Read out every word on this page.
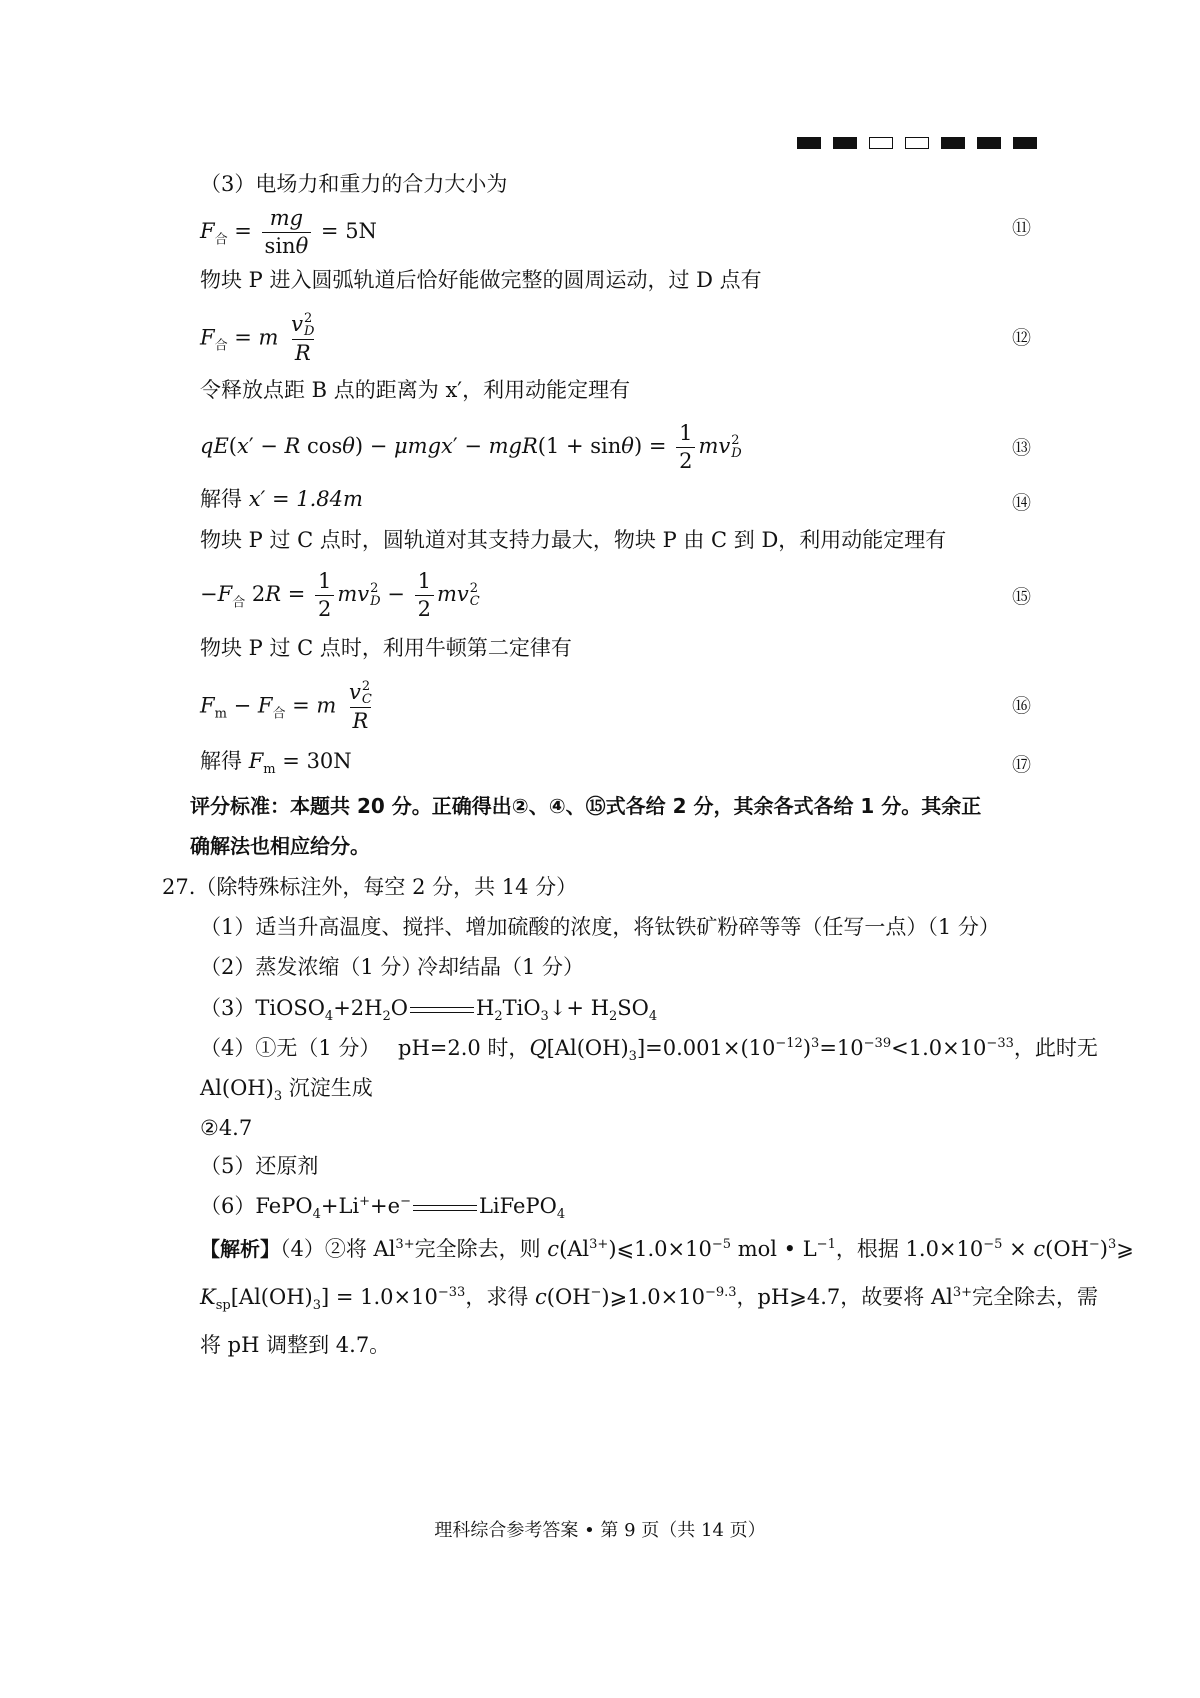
（3）电场力和重力的合力大小为
$F_合 = \frac{mg}{\sin\theta} = 5N$	⑪
物块 P 进入圆弧轨道后恰好能做完整的圆周运动，过 D 点有
$F_合 = m$ v 2
D
R	⑫
令释放点距 B 点的距离为 x′，利用动能定理有
qE(x′ − R $\cos\theta) - \mu mgx' - mgR(1 + \sin\theta) = \frac{1}{2}$ mv 2
D	⑬
解得 x′ = 1.84m	⑭
物块 P 过 C 点时，圆轨道对其支持力最大，物块 P 由 C 到 D，利用动能定理有
$-F_合$ $2R = \frac{1}{2}$ mv 2
$D - \frac{1}{2}$ mv 2
C	⑮
物块 P 过 C 点时，利用牛顿第二定律有
$F_m - F_合 = m$ v 2
C
R	⑯
解得 $F_m = 30N$	⑰
评分标准：本题共 20 分。正确得出②、④、⑮式各给 2 分，其余各式各给 1 分。其余正
确解法也相应给分。
27.（除特殊标注外，每空 2 分，共 14 分）
（1）适当升高温度、搅拌、增加硫酸的浓度，将钛铁矿粉碎等等（任写一点）（1 分）
（2）蒸发浓缩（1 分）
冷却结晶（1 分）
$(3)TiOSO_4+2H_2O$	$H_2TiO_3↓+ H_2SO_4$
（4）①无（1 分） pH=2.0 时，$Q[Al(OH)_3]=0.001\times(10^{-12})^3=10^{-39}<1.0\times 10^{-33}$，此时无
$Al(OH)_3$ 沉淀生成
②4.7
（5）还原剂
（6）FePO$_4$+Li++e−	LiFePO$_4$
【解析】（4）②将 $Al^{3+}$完全除去，则 $c(Al^{3+})⩽1.0\times 10^{-5}$ mol • $L^{-1}$，根据 $1.0\times 10^{-5}$ × $c(OH^-)^3⩾$
$K_{sp}[Al(OH)_3] = 1.0\times 10^{-33}$，求得 $c(OH^-)⩾1.0\times 10^{-9.3}$，pH⩾4.7，故要将 $Al^{3+}$完全除去，需
将 pH 调整到 4.7。
理科综合参考答案 • 第 9 页（共 14 页）
